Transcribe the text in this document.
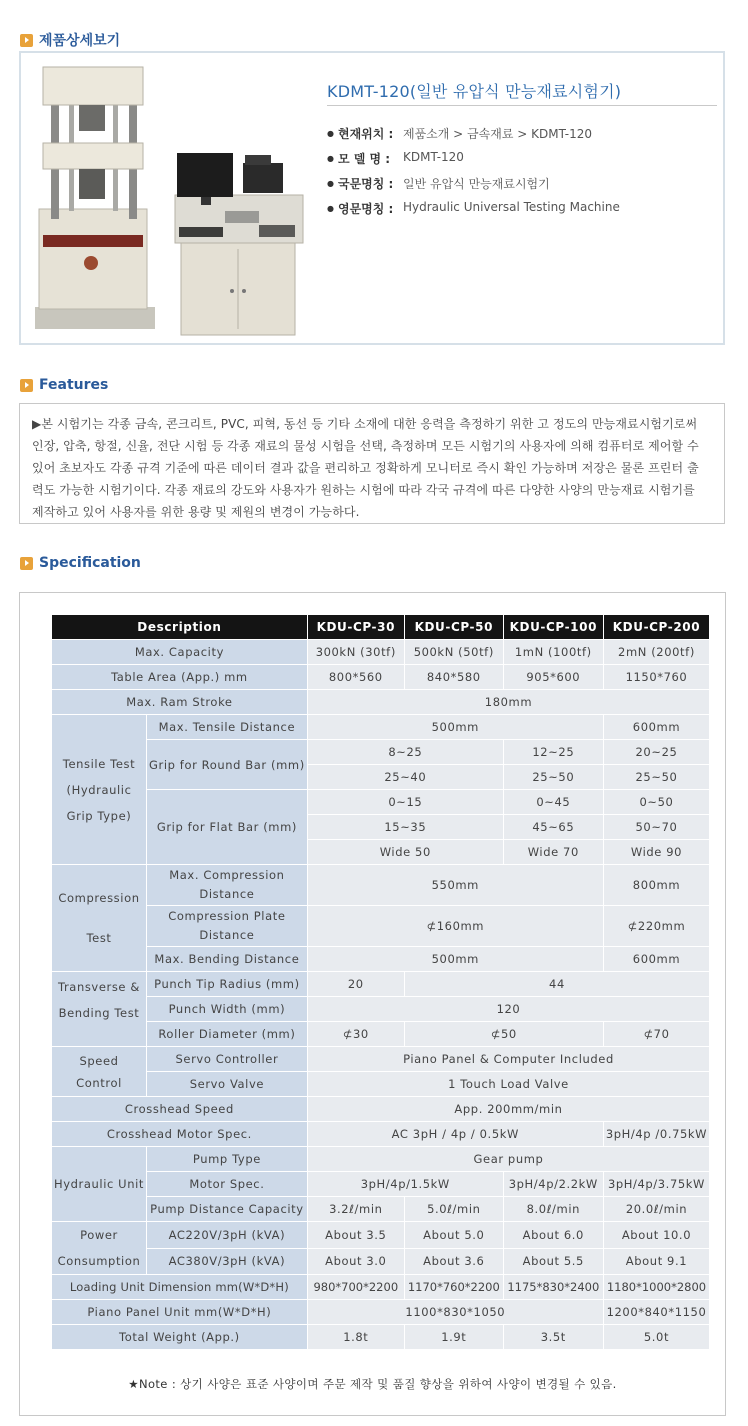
제품상세보기
KDMT-120(일반 유압식 만능재료시험기)
● 현재위치 : 제품소개 > 금속재료 > KDMT-120
● 모 델 명 :	KDMT-120
● 국문명칭 : 일반 유압식 만능재료시험기
● 영문명칭 : Hydraulic Universal Testing Machine
Features
▶본 시험기는 각종 금속, 콘크리트, PVC, 피혁, 동선 등 기타 소재에 대한 응력을 측정하기 위한 고 정도의 만능재료시험기로써 인장, 압축, 항절, 신율, 전단 시험 등 각종 재료의 물성 시험을 선택, 측정하며 모든 시험기의 사용자에 의해 컴퓨터로 제어할 수 있어 초보자도 각종 규격 기준에 따른 데이터 결과 값을 편리하고 정확하게 모니터로 즉시 확인 가능하며 저장은 물론 프린터 출력도 가능한 시험기이다. 각종 재료의 강도와 사용자가 원하는 시험에 따라 각국 규격에 따른 다양한 사양의 만능재료 시험기를 제작하고 있어 사용자를 위한 용량 및 제원의 변경이 가능하다.
Specification
Description		KDU-CP-30	KDU-CP-50	KDU-CP-100	KDU-CP-200
Max. Capacity		300kN (30tf)	500kN (50tf)	1mN (100tf)	2mN (200tf)
Table Area (App.) mm		800*560	840*580	905*600	1150*760
Max. Ram Stroke		180mm			
Tensile Test (Hydraulic Grip Type)	Max. Tensile Distance	500mm			600mm
	Grip for Round Bar (mm)	8~25		12~25	20~25
		25~40		25~50	25~50
	Grip for Flat Bar (mm)	0~15		0~45	0~50
		15~35		45~65	50~70
		Wide 50		Wide 70	Wide 90
Compression Test	Max. Compression Distance	550mm			800mm
	Compression Plate Distance	⊄160mm			⊄220mm
	Max. Bending Distance	500mm			600mm
Transverse & Bending Test	Punch Tip Radius (mm)	20	44		
	Punch Width (mm)	120			
	Roller Diameter (mm)	⊄30	⊄50		⊄70
Speed Control	Servo Controller	Piano Panel & Computer Included			
	Servo Valve	1 Touch Load Valve			
Crosshead Speed		App. 200mm/min			
Crosshead Motor Spec.		AC 3pH / 4p / 0.5kW			3pH/4p /0.75kW
Hydraulic Unit	Pump Type	Gear pump			
	Motor Spec.	3pH/4p/1.5kW		3pH/4p/2.2kW	3pH/4p/3.75kW
	Pump Distance Capacity	3.2ℓ/min	5.0ℓ/min	8.0ℓ/min	20.0ℓ/min
Power Consumption	AC220V/3pH (kVA)	About 3.5	About 5.0	About 6.0	About 10.0
	AC380V/3pH (kVA)	About 3.0	About 3.6	About 5.5	About 9.1
Loading Unit Dimension mm(W*D*H)		980*700*2200	1170*760*2200	1175*830*2400	1180*1000*2800
Piano Panel Unit mm(W*D*H)		1100*830*1050			1200*840*1150
Total Weight (App.)		1.8t	1.9t	3.5t	5.0t
★Note : 상기 사양은 표준 사양이며 주문 제작 및 품질 향상을 위하여 사양이 변경될 수 있음.
